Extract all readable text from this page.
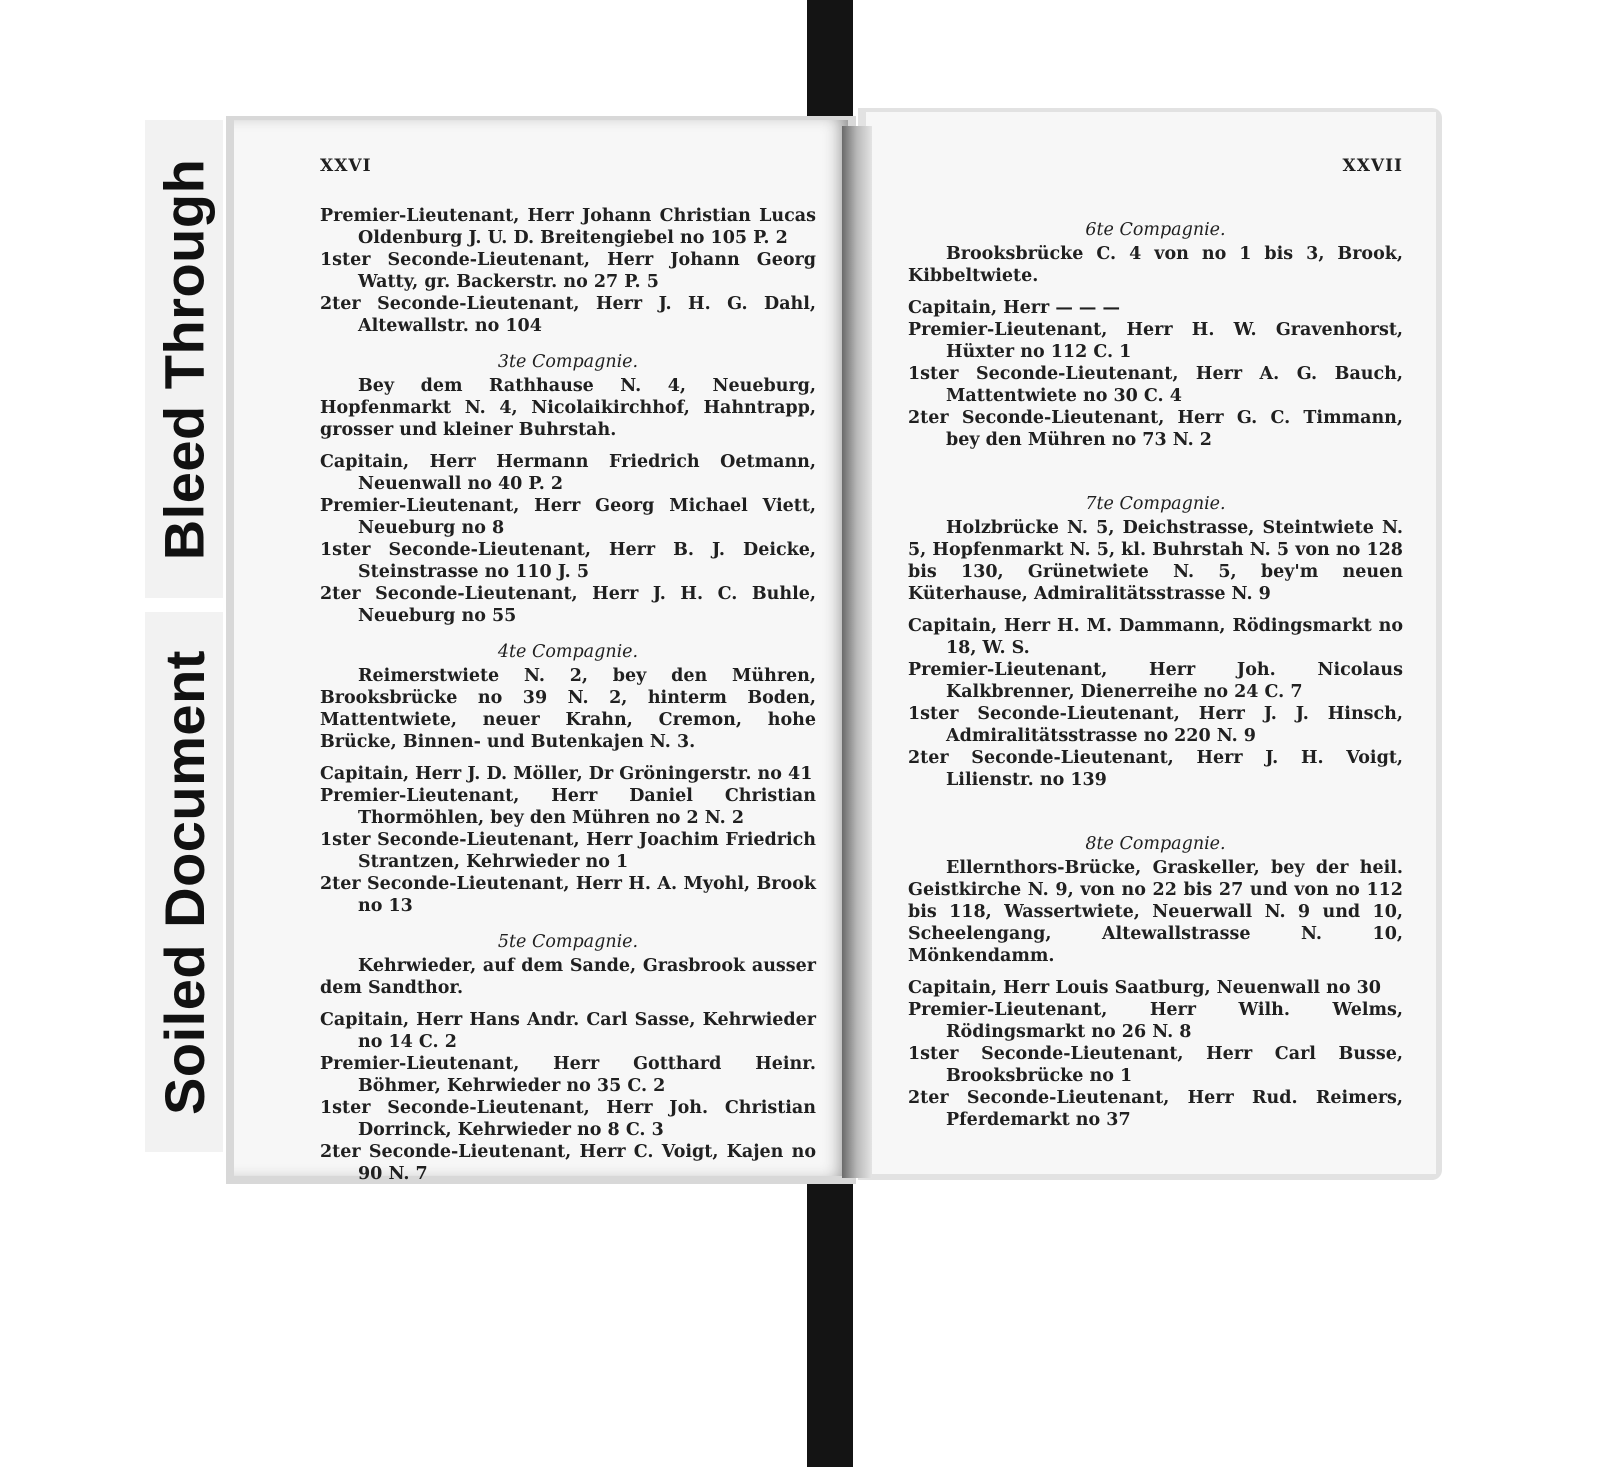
Bleed Through
Soiled Document
XXVI
Premier-Lieutenant, Herr Johann Christian Lucas Oldenburg J. U. D. Breitengiebel no 105 P. 2
1ster Seconde-Lieutenant, Herr Johann Georg Watty, gr. Backerstr. no 27 P. 5
2ter Seconde-Lieutenant, Herr J. H. G. Dahl, Altewallstr. no 104
3te Compagnie.
Bey dem Rathhause N. 4, Neueburg, Hopfenmarkt N. 4, Nicolaikirchhof, Hahntrapp, grosser und kleiner Buhrstah.
Capitain, Herr Hermann Friedrich Oetmann, Neuenwall no 40 P. 2
Premier-Lieutenant, Herr Georg Michael Viett, Neueburg no 8
1ster Seconde-Lieutenant, Herr B. J. Deicke, Steinstrasse no 110 J. 5
2ter Seconde-Lieutenant, Herr J. H. C. Buhle, Neueburg no 55
4te Compagnie.
Reimerstwiete N. 2, bey den Mühren, Brooksbrücke no 39 N. 2, hinterm Boden, Mattentwiete, neuer Krahn, Cremon, hohe Brücke, Binnen- und Butenkajen N. 3.
Capitain, Herr J. D. Möller, Dr Gröningerstr. no 41
Premier-Lieutenant, Herr Daniel Christian Thormöhlen, bey den Mühren no 2 N. 2
1ster Seconde-Lieutenant, Herr Joachim Friedrich Strantzen, Kehrwieder no 1
2ter Seconde-Lieutenant, Herr H. A. Myohl, Brook no 13
5te Compagnie.
Kehrwieder, auf dem Sande, Grasbrook ausser dem Sandthor.
Capitain, Herr Hans Andr. Carl Sasse, Kehrwieder no 14 C. 2
Premier-Lieutenant, Herr Gotthard Heinr. Böhmer, Kehrwieder no 35 C. 2
1ster Seconde-Lieutenant, Herr Joh. Christian Dorrinck, Kehrwieder no 8 C. 3
2ter Seconde-Lieutenant, Herr C. Voigt, Kajen no 90 N. 7
XXVII
6te Compagnie.
Brooksbrücke C. 4 von no 1 bis 3, Brook, Kibbeltwiete.
Capitain, Herr — — —
Premier-Lieutenant, Herr H. W. Gravenhorst, Hüxter no 112 C. 1
1ster Seconde-Lieutenant, Herr A. G. Bauch, Mattentwiete no 30 C. 4
2ter Seconde-Lieutenant, Herr G. C. Timmann, bey den Mühren no 73 N. 2
7te Compagnie.
Holzbrücke N. 5, Deichstrasse, Steintwiete N. 5, Hopfenmarkt N. 5, kl. Buhrstah N. 5 von no 128 bis 130, Grünetwiete N. 5, bey'm neuen Küterhause, Admiralitätsstrasse N. 9
Capitain, Herr H. M. Dammann, Rödingsmarkt no 18, W. S.
Premier-Lieutenant, Herr Joh. Nicolaus Kalkbrenner, Dienerreihe no 24 C. 7
1ster Seconde-Lieutenant, Herr J. J. Hinsch, Admiralitätsstrasse no 220 N. 9
2ter Seconde-Lieutenant, Herr J. H. Voigt, Lilienstr. no 139
8te Compagnie.
Ellernthors-Brücke, Graskeller, bey der heil. Geistkirche N. 9, von no 22 bis 27 und von no 112 bis 118, Wassertwiete, Neuerwall N. 9 und 10, Scheelengang, Altewallstrasse N. 10, Mönkendamm.
Capitain, Herr Louis Saatburg, Neuenwall no 30
Premier-Lieutenant, Herr Wilh. Welms, Rödingsmarkt no 26 N. 8
1ster Seconde-Lieutenant, Herr Carl Busse, Brooksbrücke no 1
2ter Seconde-Lieutenant, Herr Rud. Reimers, Pferdemarkt no 37
